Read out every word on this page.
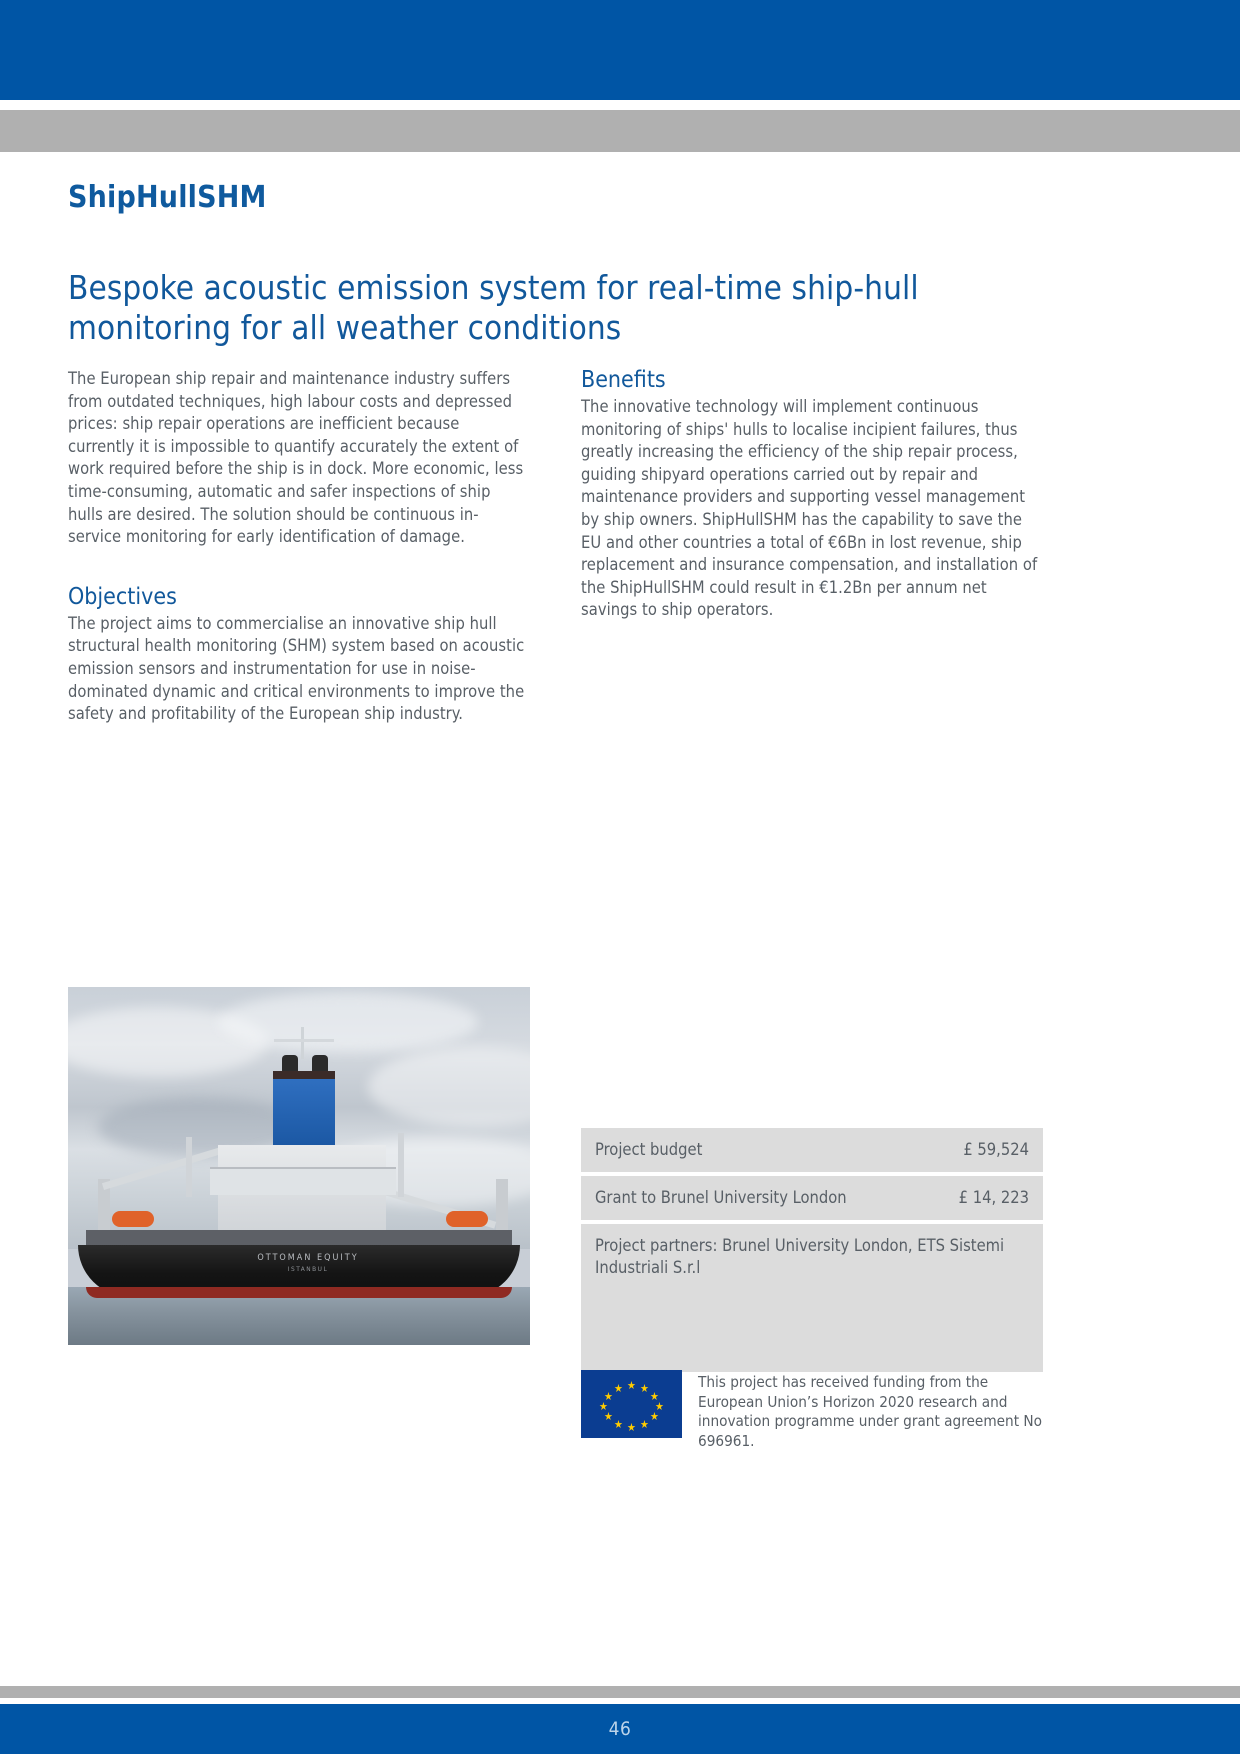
ShipHullSHM
Bespoke acoustic emission system for real-time ship-hull monitoring for all weather conditions

The European ship repair and maintenance industry suffers from outdated techniques, high labour costs and depressed prices: ship repair operations are inefficient because currently it is impossible to quantify accurately the extent of work required before the ship is in dock. More economic, less time-consuming, automatic and safer inspections of ship hulls are desired. The solution should be continuous in-service monitoring for early identification of damage.

Objectives

The project aims to commercialise an innovative ship hull structural health monitoring (SHM) system based on acoustic emission sensors and instrumentation for use in noise-dominated dynamic and critical environments to improve the safety and profitability of the European ship industry.

Benefits

The innovative technology will implement continuous monitoring of ships' hulls to localise incipient failures, thus greatly increasing the efficiency of the ship repair process, guiding shipyard operations carried out by repair and maintenance providers and supporting vessel management by ship owners. ShipHullSHM has the capability to save the EU and other countries a total of €6Bn in lost revenue, ship replacement and insurance compensation, and installation of the ShipHullSHM could result in €1.2Bn per annum net savings to ship operators.

OTTOMAN EQUITY
ISTANBUL
Project budget	£ 59,524
Grant to Brunel University London	£ 14, 223
Project partners: Brunel University London, ETS Sistemi Industriali S.r.l
★
★ ★
★	★
★	★
★	★
★ ★
★
This project has received funding from the European Union’s Horizon 2020 research and innovation programme under grant agreement No 696961.
46
